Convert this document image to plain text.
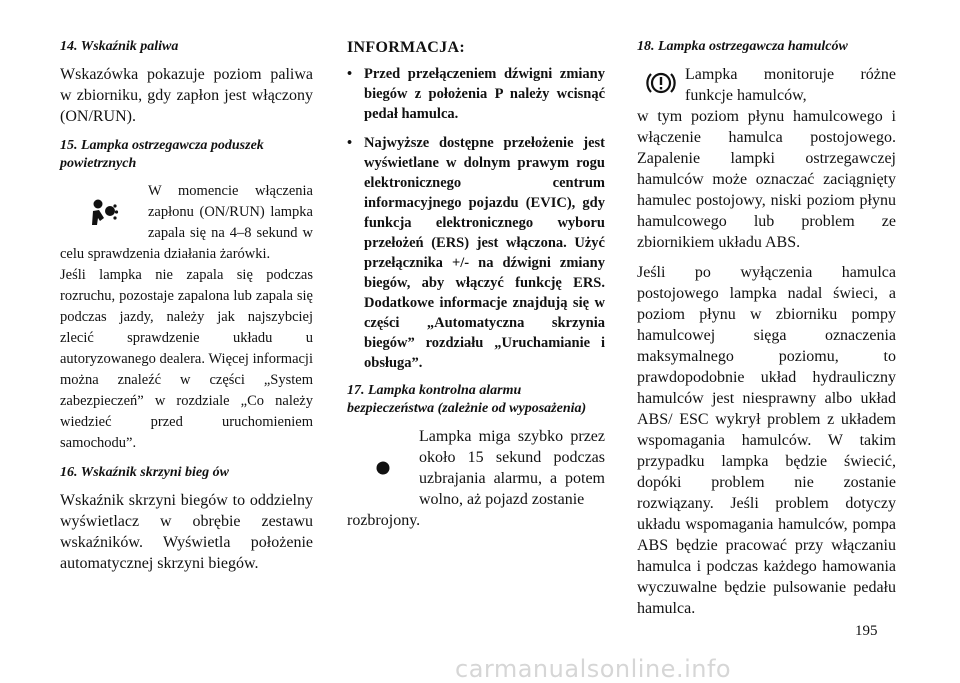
14. Wskaźnik paliwa

Wskazówka pokazuje poziom paliwa w zbiorniku, gdy zapłon jest włączony (ON/RUN).

15. Lampka ostrzegawcza poduszek powietrznych

W momencie włączenia zapłonu (ON/RUN) lampka zapala się na 4–8 sekund w celu sprawdzenia działania żarówki.

Jeśli lampka nie zapala się podczas rozruchu, pozostaje zapalona lub zapala się podczas jazdy, należy jak najszybciej zlecić sprawdzenie układu u autoryzowanego dealera. Więcej informacji można znaleźć w części „System zabezpieczeń” w rozdziale „Co należy wiedzieć przed uruchomieniem samochodu”.

16. Wskaźnik skrzyni bieg ów

Wskaźnik skrzyni biegów to oddzielny wyświetlacz w obrębie zestawu wskaźników. Wyświetla położenie automatycznej skrzyni biegów.

INFORMACJA:
• Przed przełączeniem dźwigni zmiany biegów z położenia P należy wcisnąć pedał hamulca.
• Najwyższe dostępne przełożenie jest wyświetlane w dolnym prawym rogu elektronicznego centrum informacyjnego pojazdu (EVIC), gdy funkcja elektronicznego wyboru przełożeń (ERS) jest włączona. Użyć przełącznika +/- na dźwigni zmiany biegów, aby włączyć funkcję ERS. Dodatkowe informacje znajdują się w części „Automatyczna skrzynia biegów” rozdziału „Uruchamianie i obsługa”.
17. Lampka kontrolna alarmu bezpieczeństwa (zależnie od wyposażenia)

Lampka miga szybko przez około 15 sekund podczas uzbrajania alarmu, a potem wolno, aż pojazd zostanie

rozbrojony.

18. Lampka ostrzegawcza hamulców

Lampka monitoruje różne funkcje hamulców,

w tym poziom płynu hamulcowego i włączenie hamulca postojowego. Zapalenie lampki ostrzegawczej hamulców może oznaczać zaciągnięty hamulec postojowy, niski poziom płynu hamulcowego lub problem ze zbiornikiem układu ABS.

Jeśli po wyłączenia hamulca postojowego lampka nadal świeci, a poziom płynu w zbiorniku pompy hamulcowej sięga oznaczenia maksymalnego poziomu, to prawdopodobnie układ hydrauliczny hamulców jest niesprawny albo układ ABS/ ESC wykrył problem z układem wspomagania hamulców. W takim przypadku lampka będzie świecić, dopóki problem nie zostanie rozwiązany. Jeśli problem dotyczy układu wspomagania hamulców, pompa ABS będzie pracować przy włączaniu hamulca i podczas każdego hamowania wyczuwalne będzie pulsowanie pedału hamulca.

195
carmanualsonline.info
